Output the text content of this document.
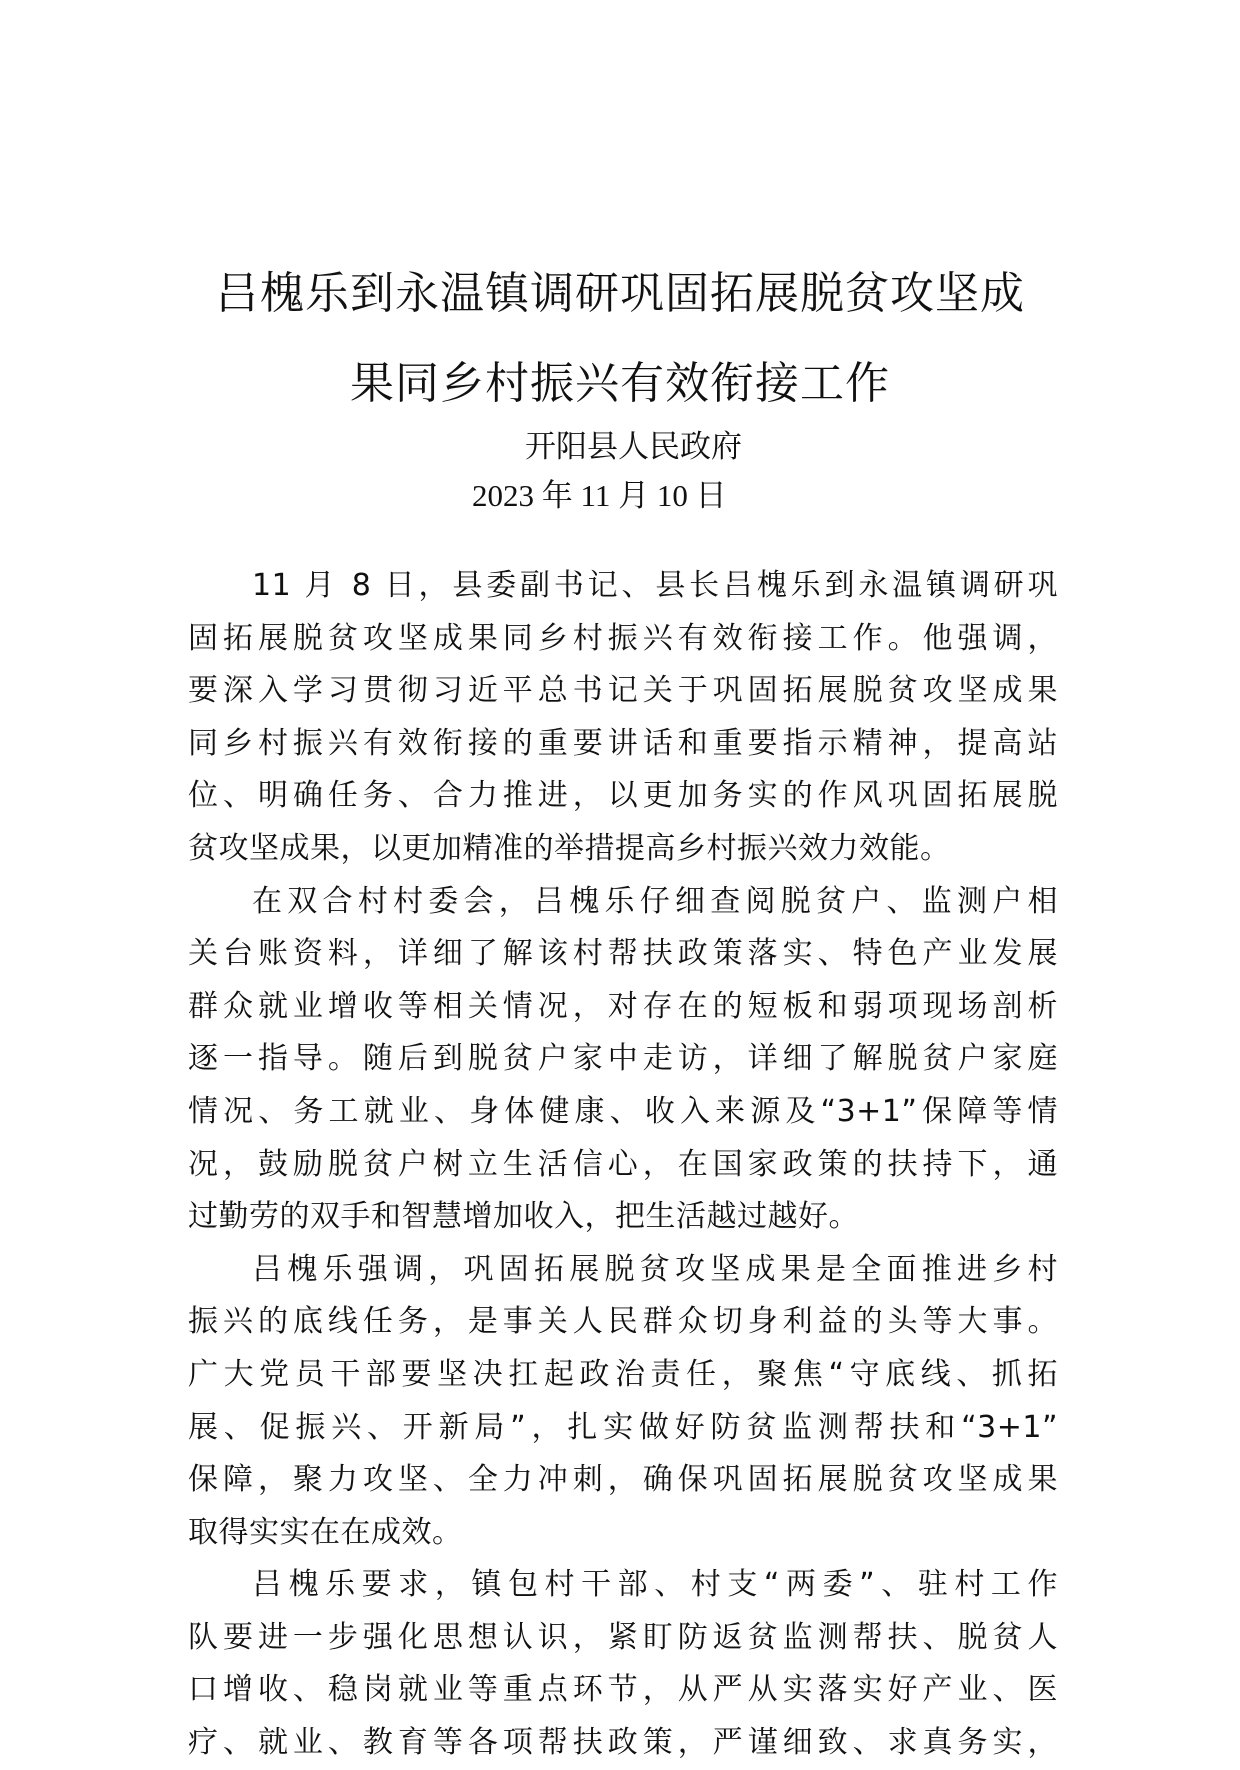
吕槐乐到永温镇调研巩固拓展脱贫攻坚成
果同乡村振兴有效衔接工作
开阳县人民政府
2023 年 11 月 10 日
11 月 8 日，县委副书记、县长吕槐乐到永温镇调研巩
固拓展脱贫攻坚成果同乡村振兴有效衔接工作。他强调，
要深入学习贯彻习近平总书记关于巩固拓展脱贫攻坚成果
同乡村振兴有效衔接的重要讲话和重要指示精神，提高站
位、明确任务、合力推进，以更加务实的作风巩固拓展脱
贫攻坚成果，以更加精准的举措提高乡村振兴效力效能。
在双合村村委会，吕槐乐仔细查阅脱贫户、监测户相
关台账资料，详细了解该村帮扶政策落实、特色产业发展
群众就业增收等相关情况，对存在的短板和弱项现场剖析
逐一指导。随后到脱贫户家中走访，详细了解脱贫户家庭
情况、务工就业、身体健康、收入来源及“3+1”保障等情
况，鼓励脱贫户树立生活信心，在国家政策的扶持下，通
过勤劳的双手和智慧增加收入，把生活越过越好。
吕槐乐强调，巩固拓展脱贫攻坚成果是全面推进乡村
振兴的底线任务，是事关人民群众切身利益的头等大事。
广大党员干部要坚决扛起政治责任，聚焦“守底线、抓拓
展、促振兴、开新局”，扎实做好防贫监测帮扶和“3+1”
保障，聚力攻坚、全力冲刺，确保巩固拓展脱贫攻坚成果
取得实实在在成效。
吕槐乐要求，镇包村干部、村支“两委”、驻村工作
队要进一步强化思想认识，紧盯防返贫监测帮扶、脱贫人
口增收、稳岗就业等重点环节，从严从实落实好产业、医
疗、就业、教育等各项帮扶政策，严谨细致、求真务实，
